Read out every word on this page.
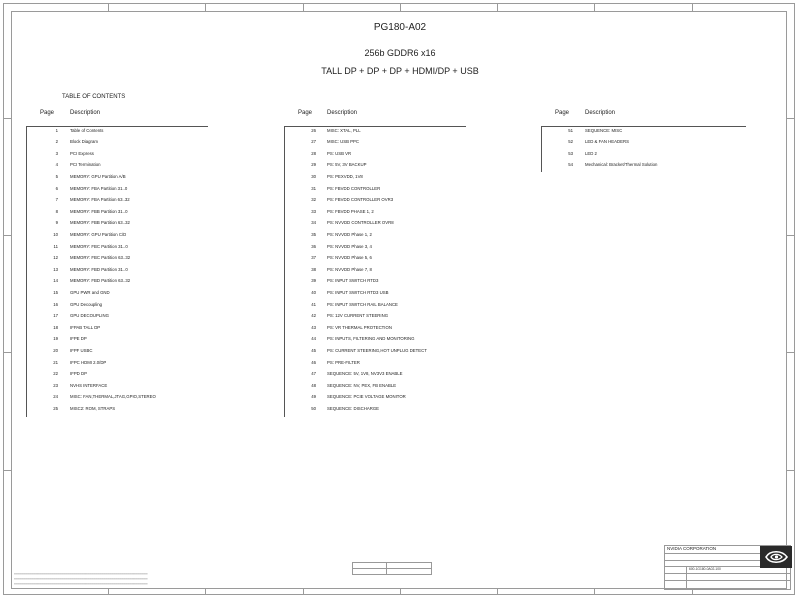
PG180-A02
256b GDDR6 x16
TALL DP + DP + DP + HDMI/DP + USB
TABLE OF CONTENTS
Page	Description	Page Description	Page	Description
1	Table of Contents
2	Block Diagram
3	PCI Express
4	PCI Termination
5	MEMORY: GPU Partition A/B
6	MEMORY: FBA Partition 31..0
7	MEMORY: FBA Partition 63..32
8	MEMORY: FBB Partition 31..0
9	MEMORY: FBB Partition 63..32
10	MEMORY: GPU Partition C/D
11	MEMORY: FBC Partition 31..0
12	MEMORY: FBC Partition 63..32
13	MEMORY: FBD Partition 31..0
14	MEMORY: FBD Partition 63..32
15	GPU PWR and GND
16	GPU Decoupling
17	GPU DECOUPLING
18	IFPAB TALL DP
19	IFPE DP
20	IFPF USBC
21	IFPC HDMI 2.0/DP
22	IFPD DP
23	NVHS INTERFACE
24	MISC: FAN,THERMAL,JTAG,GPIO,STEREO
25	MISC2: ROM, STRAPS
26	MISC: XTAL, PLL
27	MISC: USB PPC
28	PS: USB VR
29	PS: 5V, 3V BACKUP
30	PS: PEXVDD, 1V8
31	PS: FBVDD CONTROLLER
32	PS: FBVDD CONTROLLER OVR3
33	PS: FBVDD PHASE 1, 2
34	PS: NVVDD CONTROLLER OVR8
35	PS: NVVDD Phase 1, 2
36	PS: NVVDD Phase 3, 4
37	PS: NVVDD Phase 5, 6
38	PS: NVVDD Phase 7, 8
39	PS: INPUT SWITCH RTD3
40	PS: INPUT SWITCH RTD3 USB
41	PS: INPUT SWITCH RAIL BALANCE
42	PS: 12V CURRENT STEERING
43	PS: VR THERMAL PROTECTION
44	PS: INPUTS, FILTERING AND MONITORING
45	PS: CURRENT STEERING,HOT UNPLUG DETECT
46	PS: PRE-FILTER
47	SEQUENCE: 5V, 1V8, NV3V3 ENABLE
48	SEQUENCE: NV, PEX, FB ENABLE
49	SEQUENCE: PCIE VOLTAGE MONITOR
50	SEQUENCE: DISCHARGE
51	SEQUENCE: MISC
52	LED & FAN HEADERS
53	LED 2
54	Mechanical: Bracket/Thermal Solution
▔▔▔▔▔▔▔▔▔▔▔▔▔▔▔▔▔▔▔▔▔▔▔▔▔▔▔▔▔▔▔▔▔▔▔▔▔▔▔▔▔▔▔▔▔▔▔▔▔▔▔▔▔▔▔▔▔▔▔▔▔▔▔▔▔▔▔
▔▔▔▔▔▔▔▔▔▔▔▔▔▔▔▔▔▔▔▔▔▔▔▔▔▔▔▔▔▔▔▔▔▔▔▔▔▔▔▔▔▔▔▔▔▔▔▔▔▔▔▔▔▔▔▔▔▔▔▔▔▔▔▔▔▔▔
▔▔▔▔▔▔▔▔▔▔▔▔▔▔▔▔▔▔▔▔▔▔▔▔▔▔▔▔▔▔▔▔▔▔▔▔▔▔▔▔▔▔▔▔▔▔▔▔▔▔▔▔▔▔▔▔▔▔▔▔▔▔▔▔▔▔▔
NVIDIA CORPORATION
600-1G180-0A02-100
